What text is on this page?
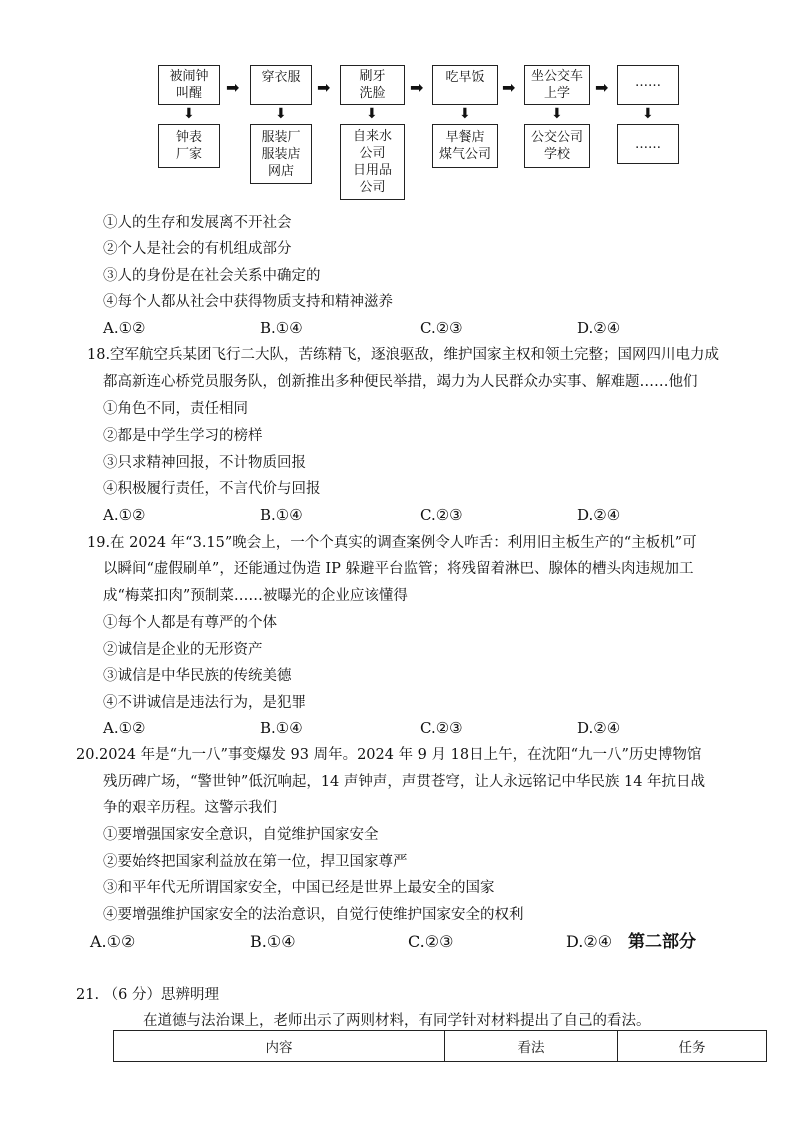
被闹钟
叫醒
穿衣服	刷牙
洗脸
吃早饭	坐公交车
上学
……
➡	➡	➡	➡	➡
⬇	⬇	⬇	⬇	⬇	⬇
钟表
厂家
服装厂
服装店
网店
自来水
公司
日用品
公司
早餐店
煤气公司
公交公司
学校
……
①人的生存和发展离不开社会
②个人是社会的有机组成部分
③人的身份是在社会关系中确定的
④每个人都从社会中获得物质支持和精神滋养
A.①②	B.①④	C.②③	D.②④
18.空军航空兵某团飞行二大队，苦练精飞，逐浪驱敌，维护国家主权和领土完整；国网四川电力成
都高新连心桥党员服务队，创新推出多种便民举措，竭力为人民群众办实事、解难题……他们
①角色不同，责任相同
②都是中学生学习的榜样
③只求精神回报，不计物质回报
④积极履行责任，不言代价与回报
A.①②	B.①④	C.②③	D.②④
19.在 2024 年“3.15”晚会上，一个个真实的调查案例令人咋舌：利用旧主板生产的“主板机”可
以瞬间“虚假刷单”，还能通过伪造 IP 躲避平台监管；将残留着淋巴、腺体的槽头肉违规加工
成“梅菜扣肉”预制菜……被曝光的企业应该懂得
①每个人都是有尊严的个体
②诚信是企业的无形资产
③诚信是中华民族的传统美德
④不讲诚信是违法行为，是犯罪
A.①②	B.①④	C.②③	D.②④
20.2024 年是“九一八”事变爆发 93 周年。2024 年 9 月 18日上午，在沈阳“九一八”历史博物馆
残历碑广场，“警世钟”低沉响起，14 声钟声，声贯苍穹，让人永远铭记中华民族 14 年抗日战
争的艰辛历程。这警示我们
①要增强国家安全意识，自觉维护国家安全
②要始终把国家利益放在第一位，捍卫国家尊严
③和平年代无所谓国家安全，中国已经是世界上最安全的国家
④要增强维护国家安全的法治意识，自觉行使维护国家安全的权利
A.①②	B.①④	C.②③	D.②④ 第二部分
21. （6 分）思辨明理
在道德与法治课上，老师出示了两则材料，有同学针对材料提出了自己的看法。
内容	看法	任务
